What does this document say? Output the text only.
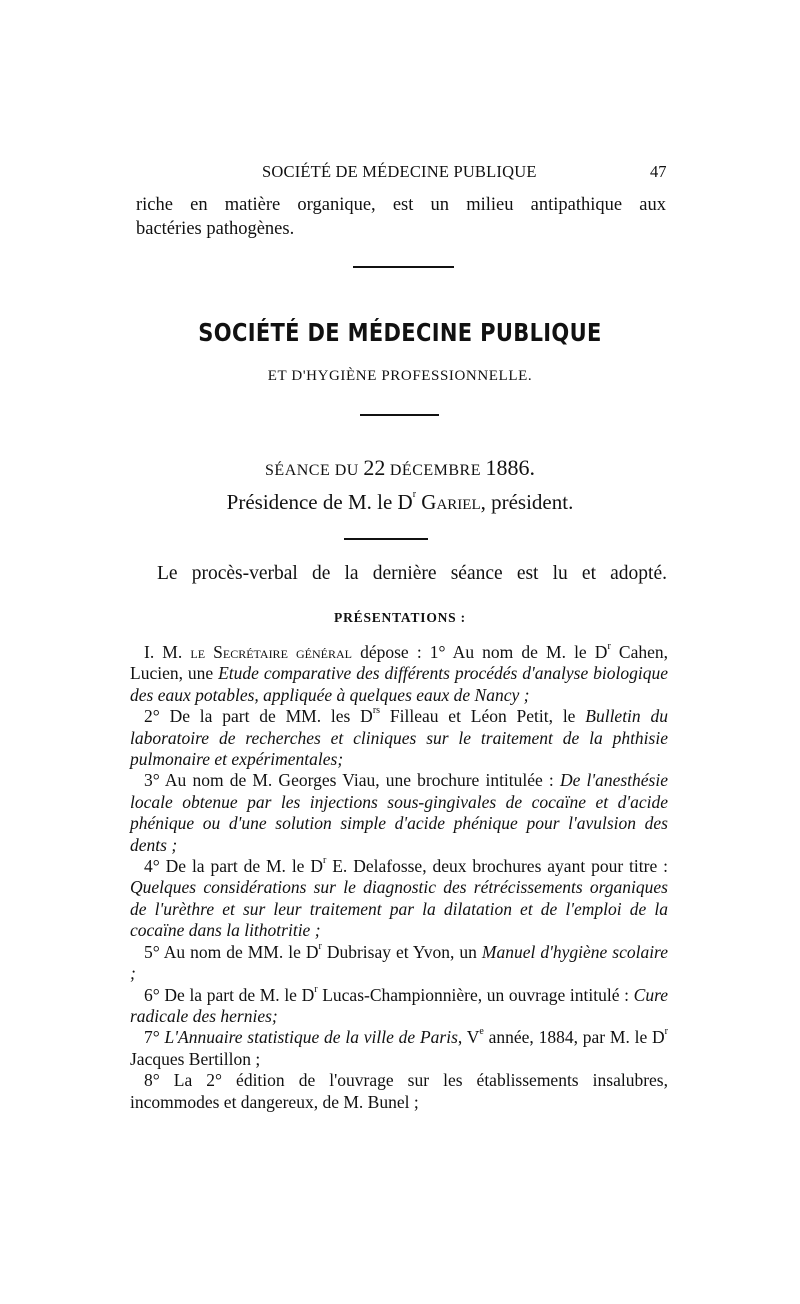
SOCIÉTÉ DE MÉDECINE PUBLIQUE	47

riche en matière organique, est un milieu antipathique aux

bactéries pathogènes.

SOCIÉTÉ DE MÉDECINE PUBLIQUE
ET D'HYGIÈNE PROFESSIONNELLE.
SÉANCE DU 22 DÉCEMBRE 1886.
Présidence de M. le $D^r$ Gariel, président.
Le procès-verbal de la dernière séance est lu et adopté.
PRÉSENTATIONS :

I. M. le Secrétaire général dépose : 1° Au nom de M. le $D^r$ Cahen, Lucien, une Etude comparative des différents procédés d'analyse biologique des eaux potables, appliquée à quelques eaux de Nancy ;

2° De la part de MM. les $D^{rs}$ Filleau et Léon Petit, le Bulletin du laboratoire de recherches et cliniques sur le traitement de la phthisie pulmonaire et expérimentales;

3° Au nom de M. Georges Viau, une brochure intitulée : De l'anesthésie locale obtenue par les injections sous-gingivales de cocaïne et d'acide phénique ou d'une solution simple d'acide phénique pour l'avulsion des dents ;

4° De la part de M. le $D^r$ E. Delafosse, deux brochures ayant pour titre : Quelques considérations sur le diagnostic des rétrécissements organiques de l'urèthre et sur leur traitement par la dilatation et de l'emploi de la cocaïne dans la lithotritie ;

5° Au nom de MM. le $D^r$ Dubrisay et Yvon, un Manuel d'hygiène scolaire ;

6° De la part de M. le $D^r$ Lucas-Championnière, un ouvrage intitulé : Cure radicale des hernies;

7° L'Annuaire statistique de la ville de Paris, Ve année, 1884, par M. le $D^r$ Jacques Bertillon ;

8° La 2° édition de l'ouvrage sur les établissements insalubres, incommodes et dangereux, de M. Bunel ;
